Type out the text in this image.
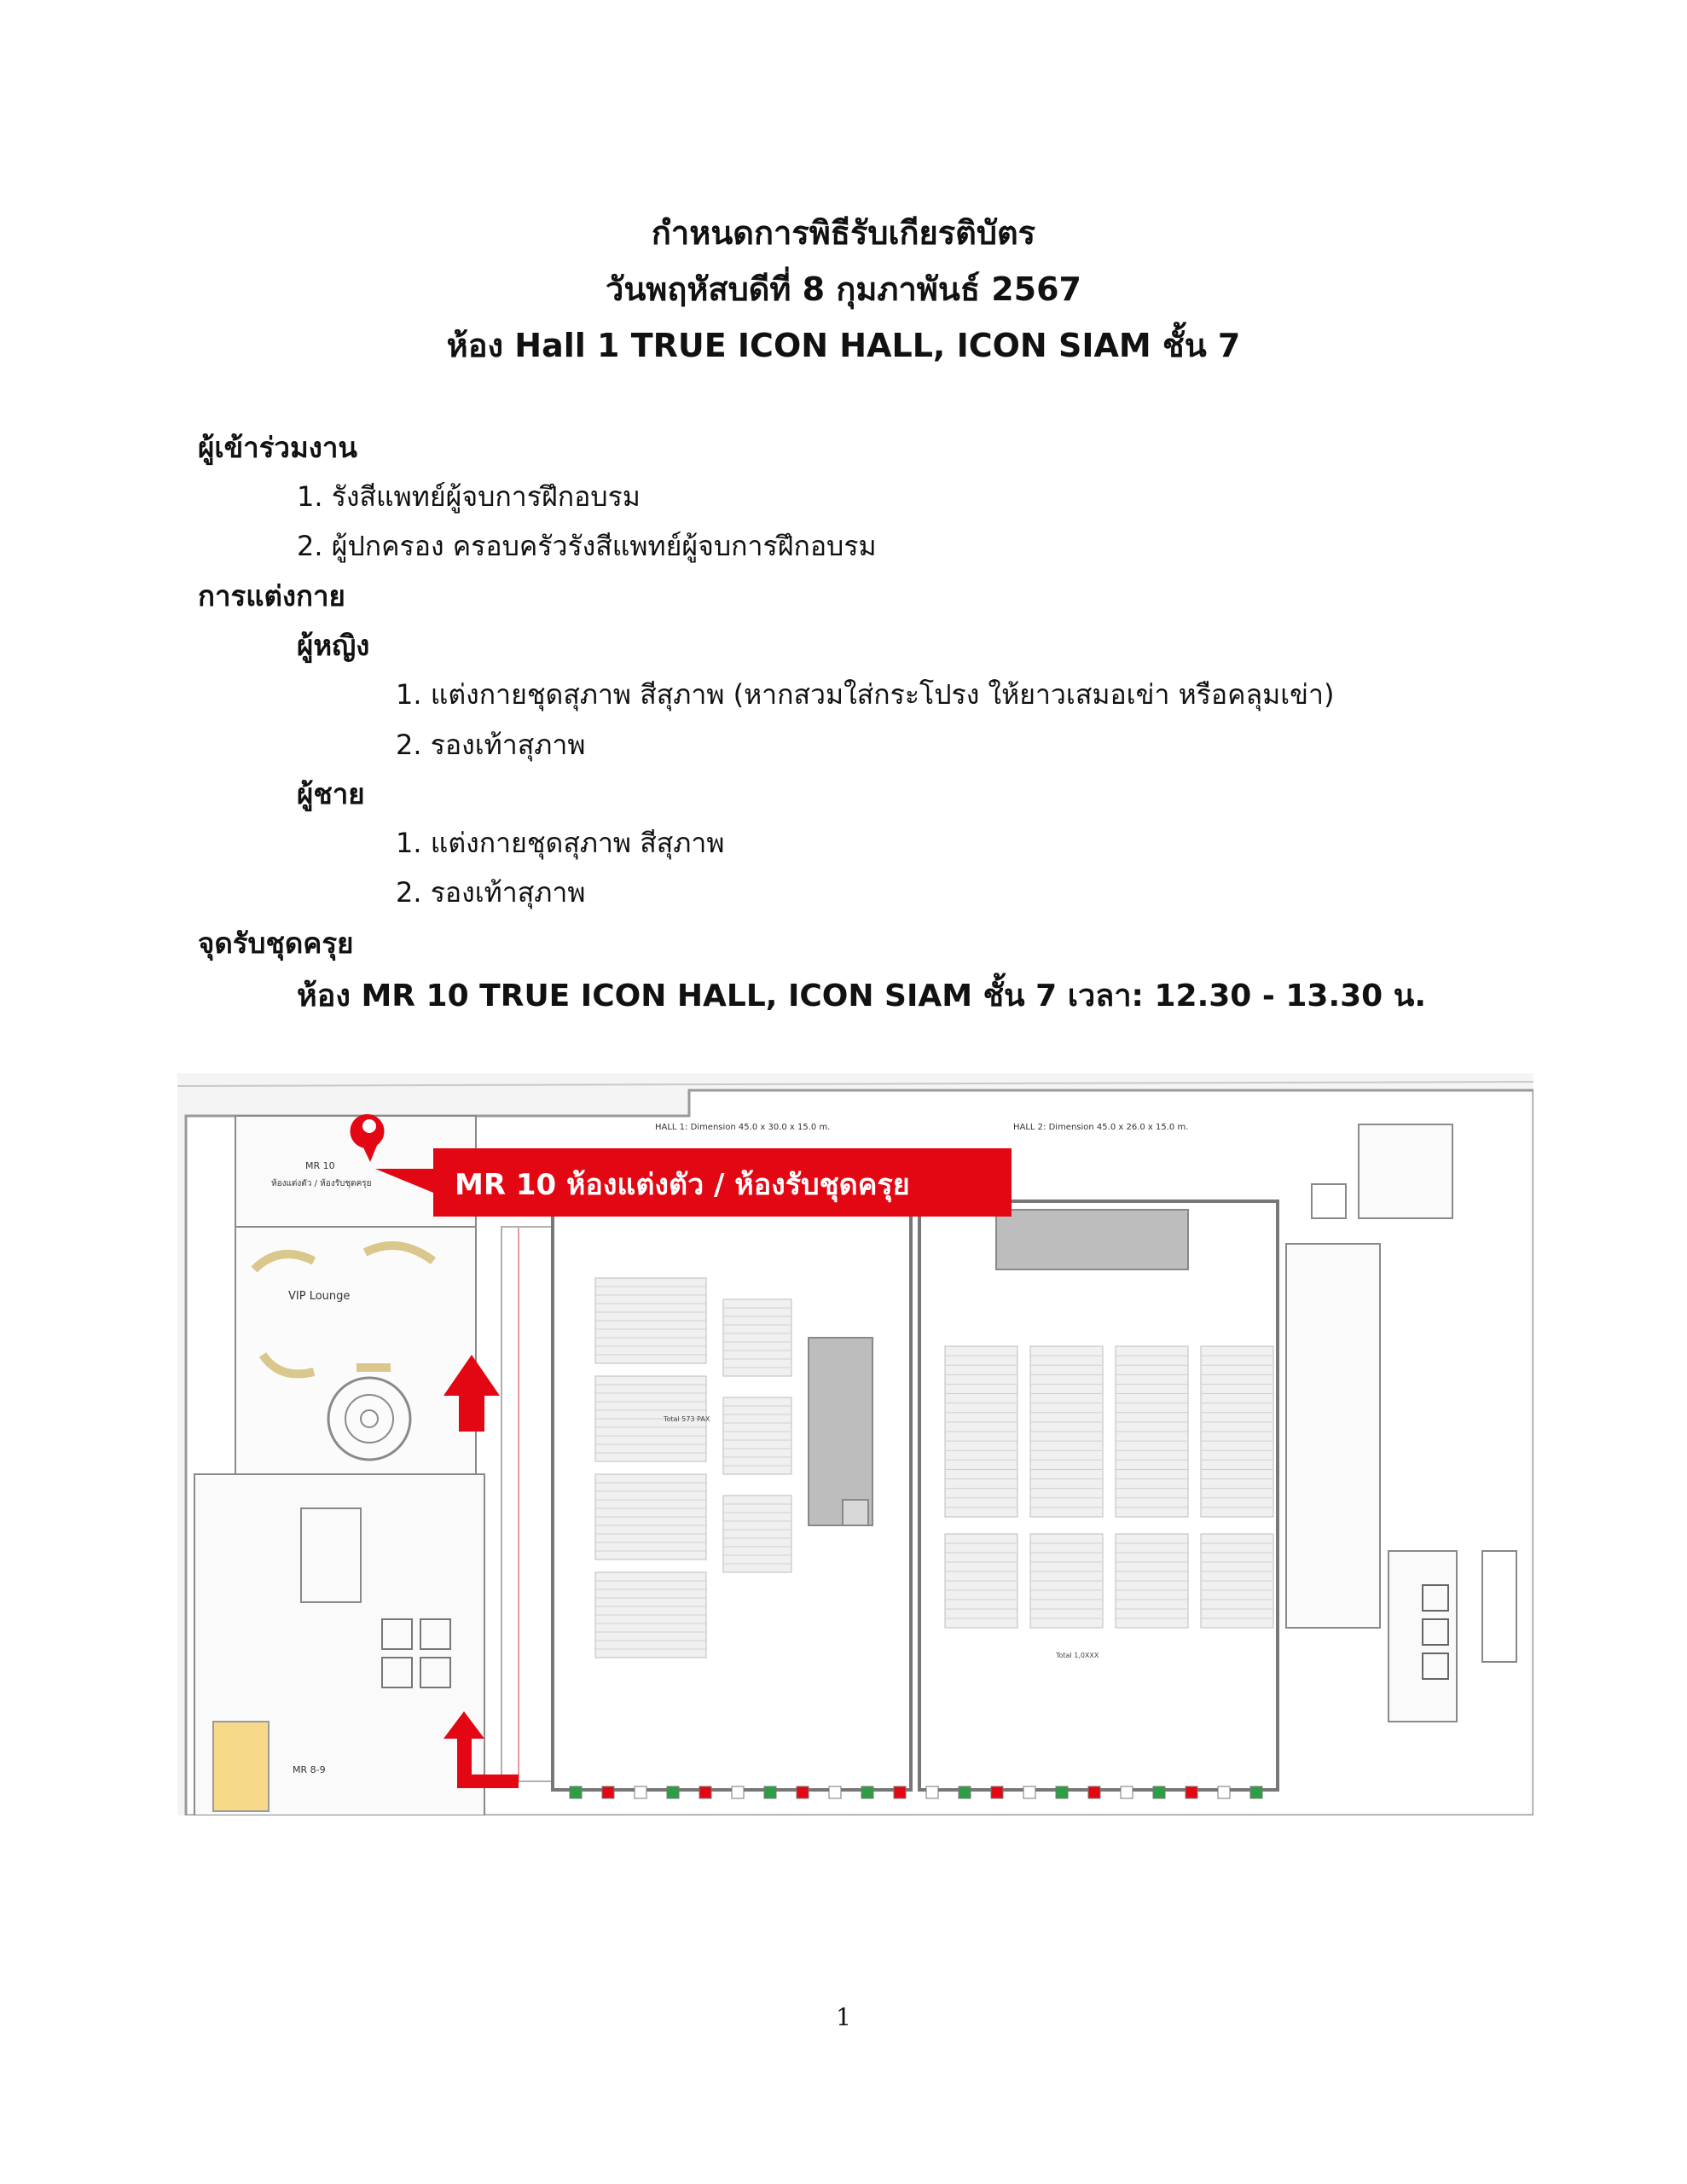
กำหนดการพิธีรับเกียรติบัตร
วันพฤหัสบดีที่ 8 กุมภาพันธ์ 2567
ห้อง Hall 1 TRUE ICON HALL, ICON SIAM ชั้น 7
ผู้เข้าร่วมงาน
1. รังสีแพทย์ผู้จบการฝึกอบรม
2. ผู้ปกครอง ครอบครัวรังสีแพทย์ผู้จบการฝึกอบรม
การแต่งกาย
ผู้หญิง
1. แต่งกายชุดสุภาพ สีสุภาพ (หากสวมใส่กระโปรง ให้ยาวเสมอเข่า หรือคลุมเข่า)
2. รองเท้าสุภาพ
ผู้ชาย
1. แต่งกายชุดสุภาพ สีสุภาพ
2. รองเท้าสุภาพ
จุดรับชุดครุย
ห้อง MR 10 TRUE ICON HALL, ICON SIAM ชั้น 7 เวลา: 12.30 - 13.30 น.
HALL 1: Dimension 45.0 x 30.0 x 15.0 m.	HALL 2: Dimension 45.0 x 26.0 x 15.0 m.
MR 10
ห้องแต่งตัว / ห้องรับชุดครุย
VIP Lounge
MR 8-9
Total 573 PAX
Total 1,0XXX
MR 10 ห้องแต่งตัว / ห้องรับชุดครุย
1
